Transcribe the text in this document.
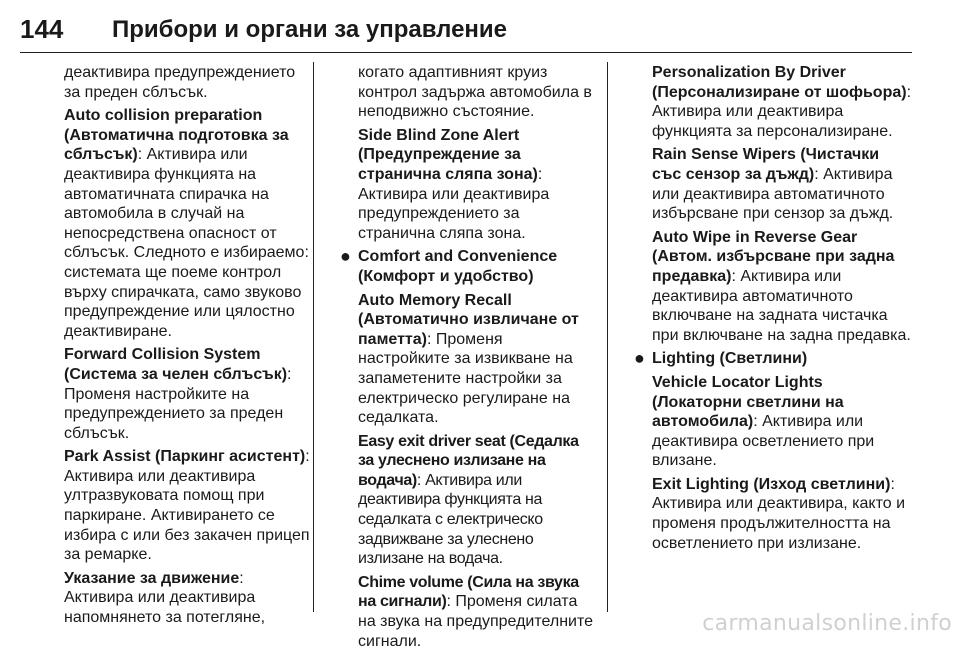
144 Прибори и органи за управление

деактивира предупреждението за преден сблъсък.

Auto collision preparation (Автоматична подготовка за сблъсък): Активира или деактивира функцията на автоматичната спирачка на автомобила в случай на непосредствена опасност от сблъсък. Следното е избираемо: системата ще поеме контрол върху спирачката, само звуково предупреждение или цялостно деактивиране.

Forward Collision System (Система за челен сблъсък): Променя настройките на предупреждението за преден сблъсък.

Park Assist (Паркинг асистент): Активира или деактивира ултразвуковата помощ при паркиране. Активирането се избира с или без закачен прицеп за ремарке.

Указание за движение: Активира или деактивира напомнянето за потегляне,

когато адаптивният круиз контрол задържа автомобила в неподвижно състояние.

Side Blind Zone Alert (Предупреждение за странична сляпа зона): Активира или деактивира предупреждението за странична сляпа зона.

● Comfort and Convenience (Комфорт и удобство)

Auto Memory Recall (Автоматично извличане от паметта): Променя настройките за извикване на запаметените настройки за електрическо регулиране на седалката.

Easy exit driver seat (Седалка за улеснено излизане на водача): Активира или деактивира функцията на седалката с електрическо задвижване за улеснено излизане на водача.

Chime volume (Сила на звука на сигнали): Променя силата на звука на предупредителните сигнали.

Personalization By Driver (Персонализиране от шофьора): Активира или деактивира функцията за персонализиране.

Rain Sense Wipers (Чистачки със сензор за дъжд): Активира или деактивира автоматичното избърсване при сензор за дъжд.

Auto Wipe in Reverse Gear (Автом. избърсване при задна предавка): Активира или деактивира автоматичното включване на задната чистачка при включване на задна предавка.

● Lighting (Светлини)

Vehicle Locator Lights (Локаторни светлини на автомобила): Активира или деактивира осветлението при влизане.

Exit Lighting (Изход светлини): Активира или деактивира, както и променя продължителността на осветлението при излизане.

carmanualsonline.info
